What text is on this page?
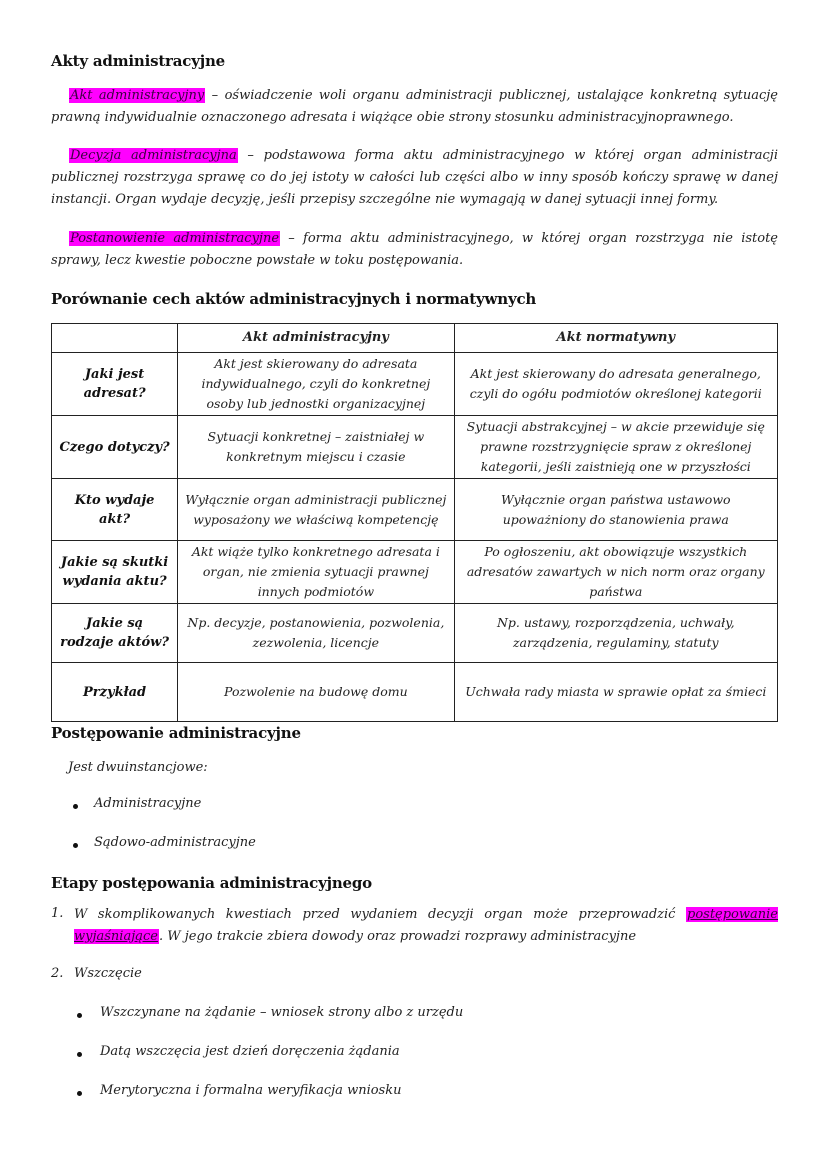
Akty administracyjne
Akt administracyjny – oświadczenie woli organu administracji publicznej, ustalające konkretną sytuację prawną indywidualnie oznaczonego adresata i wiążące obie strony stosunku administracyjnoprawnego.
Decyzja administracyjna – podstawowa forma aktu administracyjnego w której organ administracji publicznej rozstrzyga sprawę co do jej istoty w całości lub części albo w inny sposób kończy sprawę w danej instancji. Organ wydaje decyzję, jeśli przepisy szczególne nie wymagają w danej sytuacji innej formy.
Postanowienie administracyjne – forma aktu administracyjnego, w której organ rozstrzyga nie istotę sprawy, lecz kwestie poboczne powstałe w toku postępowania.
Porównanie cech aktów administracyjnych i normatywnych
	Akt administracyjny	Akt normatywny
Jaki jest adresat?	Akt jest skierowany do adresata indywidualnego, czyli do konkretnej osoby lub jednostki organizacyjnej	Akt jest skierowany do adresata generalnego, czyli do ogółu podmiotów określonej kategorii
Czego dotyczy?	Sytuacji konkretnej – zaistniałej w konkretnym miejscu i czasie	Sytuacji abstrakcyjnej – w akcie przewiduje się prawne rozstrzygnięcie spraw z określonej kategorii, jeśli zaistnieją one w przyszłości
Kto wydaje akt?	Wyłącznie organ administracji publicznej wyposażony we właściwą kompetencję	Wyłącznie organ państwa ustawowo upoważniony do stanowienia prawa
Jakie są skutki wydania aktu?	Akt wiąże tylko konkretnego adresata i organ, nie zmienia sytuacji prawnej innych podmiotów	Po ogłoszeniu, akt obowiązuje wszystkich adresatów zawartych w nich norm oraz organy państwa
Jakie są rodzaje aktów?	Np. decyzje, postanowienia, pozwolenia, zezwolenia, licencje	Np. ustawy, rozporządzenia, uchwały, zarządzenia, regulaminy, statuty
Przykład	Pozwolenie na budowę domu	Uchwała rady miasta w sprawie opłat za śmieci
Postępowanie administracyjne
Jest dwuinstancjowe:
Administracyjne
Sądowo-administracyjne
Etapy postępowania administracyjnego
1. W skomplikowanych kwestiach przed wydaniem decyzji organ może przeprowadzić postępowanie wyjaśniające. W jego trakcie zbiera dowody oraz prowadzi rozprawy administracyjne
2. Wszczęcie
Wszczynane na żądanie – wniosek strony albo z urzędu
Datą wszczęcia jest dzień doręczenia żądania
Merytoryczna i formalna weryfikacja wniosku
